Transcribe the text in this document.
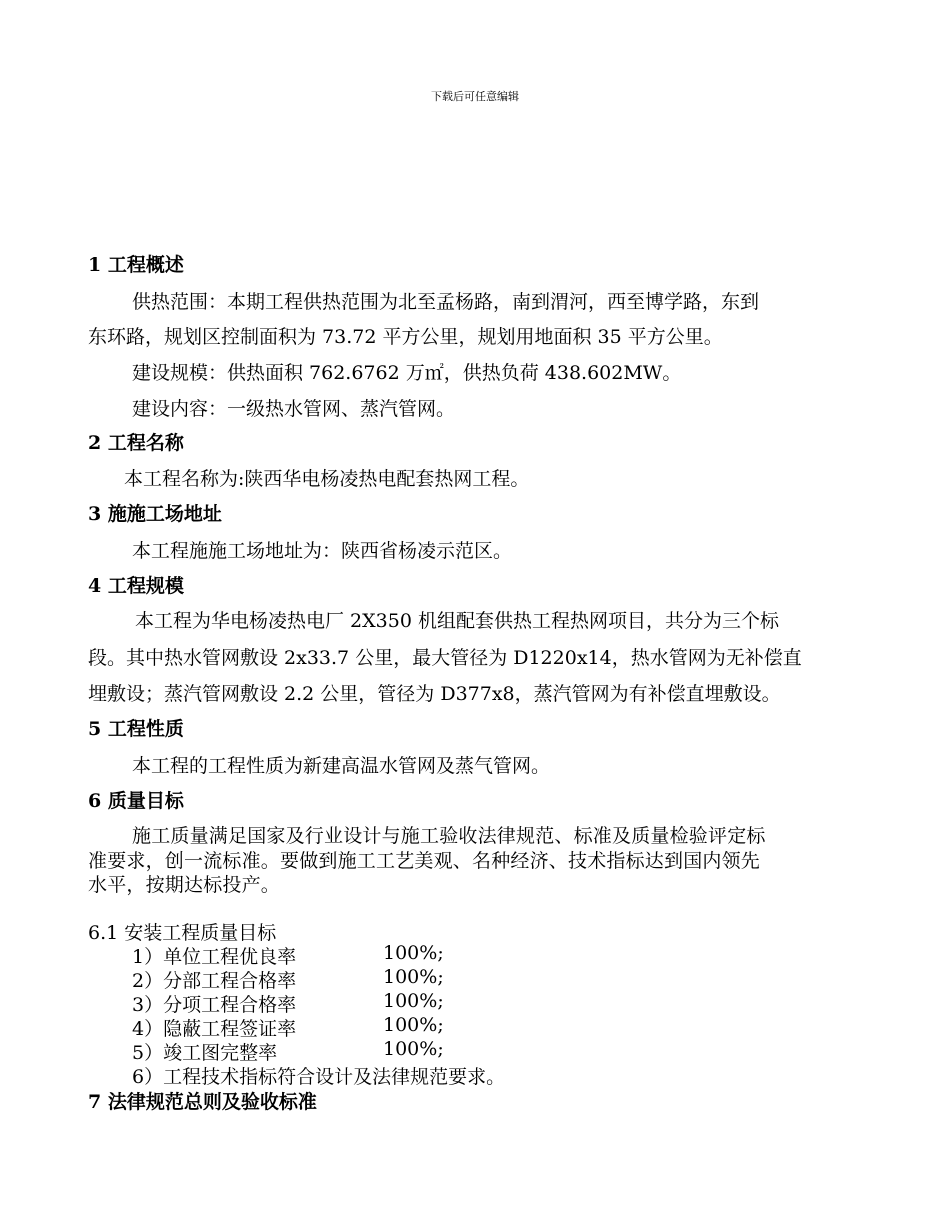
下载后可任意编辑
1 工程概述
供热范围：本期工程供热范围为北至孟杨路，南到渭河，西至博学路，东到
东环路，规划区控制面积为 73.72 平方公里，规划用地面积 35 平方公里。
建设规模：供热面积 762.6762 万㎡，供热负荷 438.602MW。
建设内容：一级热水管网、蒸汽管网。
2 工程名称
本工程名称为:陕西华电杨凌热电配套热网工程。
3 施施工场地址
本工程施施工场地址为：陕西省杨凌示范区。
4 工程规模
本工程为华电杨凌热电厂 2X350 机组配套供热工程热网项目，共分为三个标
段。其中热水管网敷设 2x33.7 公里，最大管径为 D1220x14，热水管网为无补偿直
埋敷设；蒸汽管网敷设 2.2 公里，管径为 D377x8，蒸汽管网为有补偿直埋敷设。
5 工程性质
本工程的工程性质为新建高温水管网及蒸气管网。
6 质量目标
施工质量满足国家及行业设计与施工验收法律规范、标准及质量检验评定标
准要求，创一流标准。要做到施工工艺美观、名种经济、技术指标达到国内领先
水平，按期达标投产。
6.1 安装工程质量目标
1）单位工程优良率	100%;
2）分部工程合格率	100%;
3）分项工程合格率	100%;
4）隐蔽工程签证率	100%;
5）竣工图完整率	100%;
6）工程技术指标符合设计及法律规范要求。
7 法律规范总则及验收标准
